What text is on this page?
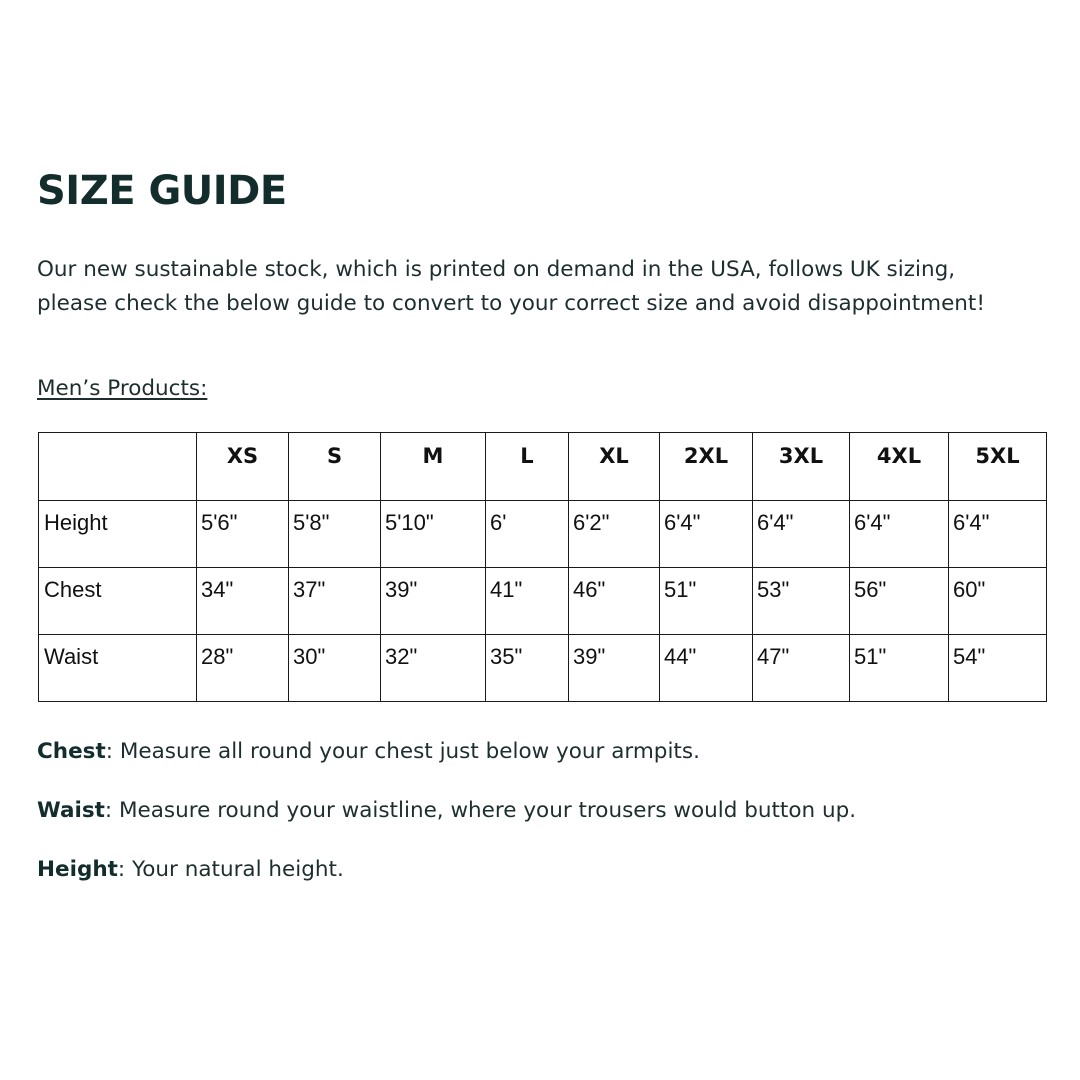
SIZE GUIDE

Our new sustainable stock, which is printed on demand in the USA, follows UK sizing, please check the below guide to convert to your correct size and avoid disappointment!

Men’s Products:

	XS	S	M	L	XL	2XL	3XL	4XL	5XL
Height	5'6"	5'8"	5'10"	6'	6'2"	6'4"	6'4"	6'4"	6'4"
Chest	34"	37"	39"	41"	46"	51"	53"	56"	60"
Waist	28"	30"	32"	35"	39"	44"	47"	51"	54"
Chest: Measure all round your chest just below your armpits.
Waist: Measure round your waistline, where your trousers would button up.
Height: Your natural height.
